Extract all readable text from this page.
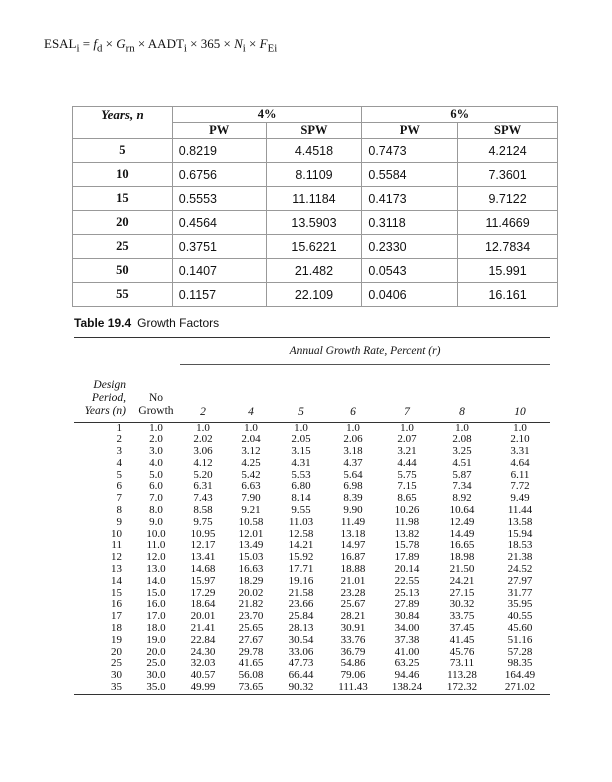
$ESAL_i = f_d \times G_{rn}$ × $AADT_i \times 365 \times N_i \times F_{Ei}$
Years, n	4%		6%	
	PW	SPW	PW	SPW
5	0.8219	4.4518	0.7473	4.2124
10	0.6756	8.1109	0.5584	7.3601
15	0.5553	11.1184	0.4173	9.7122
20	0.4564	13.5903	0.3118	11.4669
25	0.3751	15.6221	0.2330	12.7834
50	0.1407	21.482	0.0543	15.991
55	0.1157	22.109	0.0406	16.161
Table 19.4 Growth Factors

		Annual Growth Rate, Percent (r)						

Design
Period,
Years (n)	No
Growth	2	4	5	6	7	8	10

1	1.0	1.0	1.0	1.0	1.0	1.0	1.0	1.0
2	2.0	2.02	2.04	2.05	2.06	2.07	2.08	2.10
3	3.0	3.06	3.12	3.15	3.18	3.21	3.25	3.31
4	4.0	4.12	4.25	4.31	4.37	4.44	4.51	4.64
5	5.0	5.20	5.42	5.53	5.64	5.75	5.87	6.11
6	6.0	6.31	6.63	6.80	6.98	7.15	7.34	7.72
7	7.0	7.43	7.90	8.14	8.39	8.65	8.92	9.49
8	8.0	8.58	9.21	9.55	9.90	10.26	10.64	11.44
9	9.0	9.75	10.58	11.03	11.49	11.98	12.49	13.58
10	10.0	10.95	12.01	12.58	13.18	13.82	14.49	15.94
11	11.0	12.17	13.49	14.21	14.97	15.78	16.65	18.53
12	12.0	13.41	15.03	15.92	16.87	17.89	18.98	21.38
13	13.0	14.68	16.63	17.71	18.88	20.14	21.50	24.52
14	14.0	15.97	18.29	19.16	21.01	22.55	24.21	27.97
15	15.0	17.29	20.02	21.58	23.28	25.13	27.15	31.77
16	16.0	18.64	21.82	23.66	25.67	27.89	30.32	35.95
17	17.0	20.01	23.70	25.84	28.21	30.84	33.75	40.55
18	18.0	21.41	25.65	28.13	30.91	34.00	37.45	45.60
19	19.0	22.84	27.67	30.54	33.76	37.38	41.45	51.16
20	20.0	24.30	29.78	33.06	36.79	41.00	45.76	57.28
25	25.0	32.03	41.65	47.73	54.86	63.25	73.11	98.35
30	30.0	40.57	56.08	66.44	79.06	94.46	113.28	164.49
35	35.0	49.99	73.65	90.32	111.43	138.24	172.32	271.02
